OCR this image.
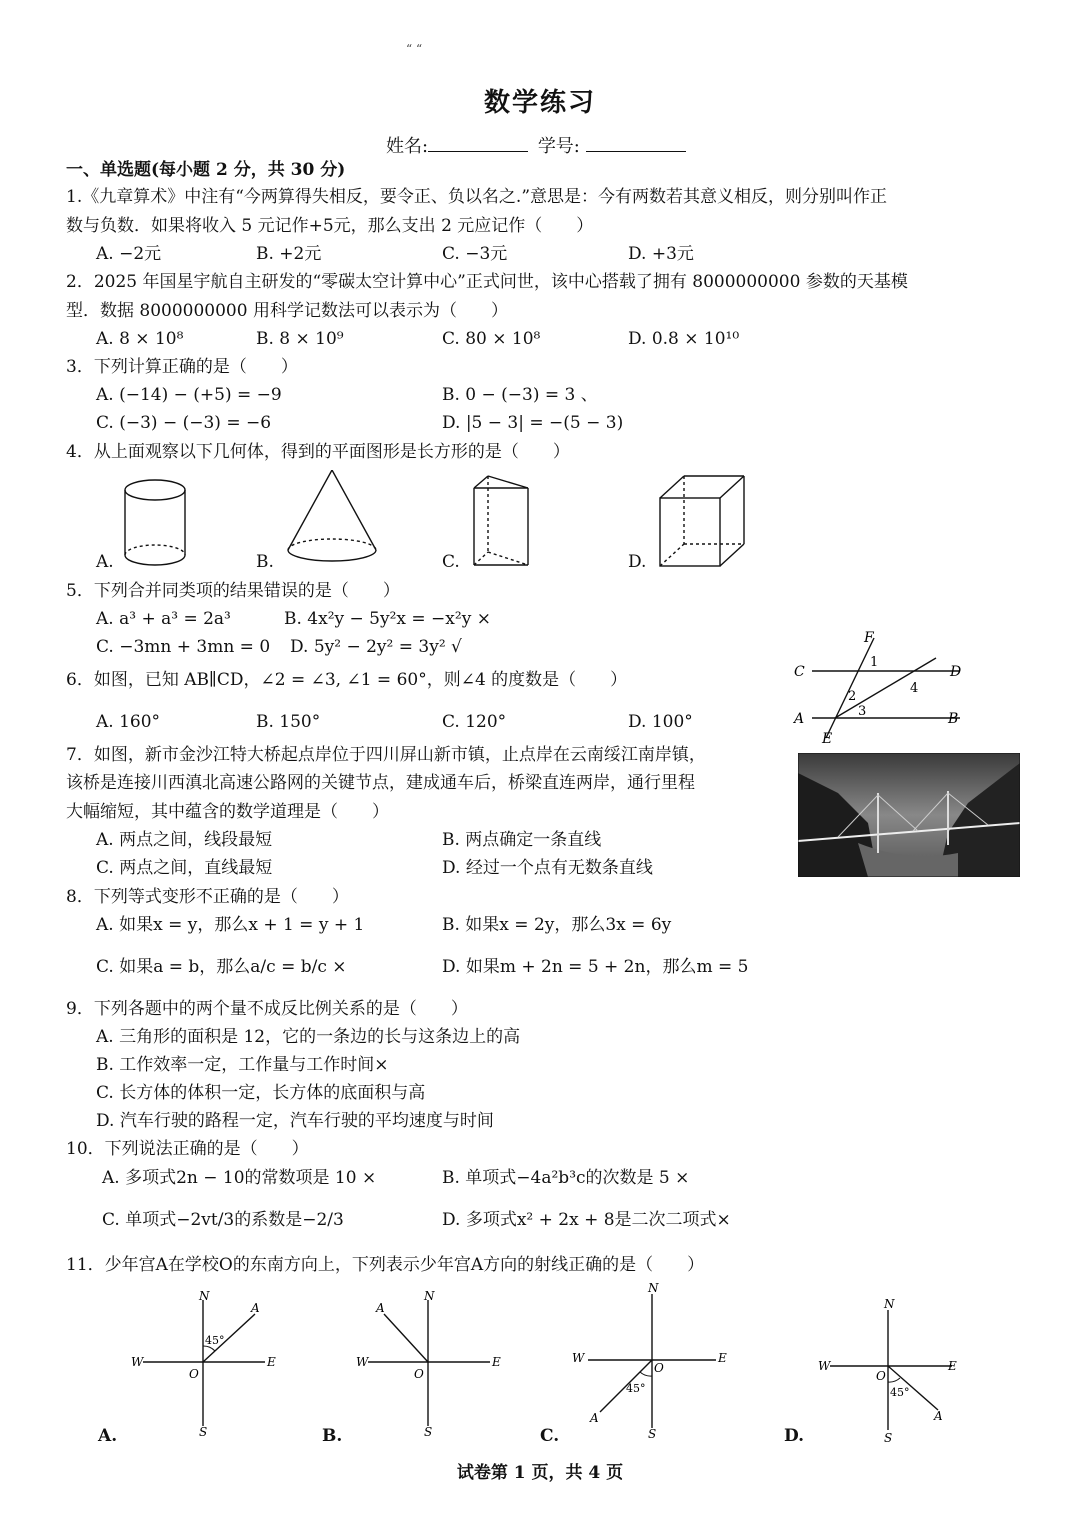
“ “
数学练习
姓名:	学号:
一、单选题(每小题 2 分，共 30 分)
1.《九章算术》中注有“今两算得失相反，要令正、负以名之.”意思是：今有两数若其意义相反，则分别叫作正
数与负数．如果将收入 5 元记作+5元，那么支出 2 元应记作（　　）
A. −2元	B. +2元	C. −3元	D. +3元
2．2025 年国星宇航自主研发的“零碳太空计算中心”正式问世，该中心搭载了拥有 8000000000 参数的天基模
型．数据 8000000000 用科学记数法可以表示为（　　）
A. 8 × 10⁸	B. 8 × 10⁹	C. 80 × 10⁸	D. 0.8 × 10¹⁰
3．下列计算正确的是（　　）
A. (−14) − (+5) = −9	B. 0 − (−3) = 3 、
C. (−3) − (−3) = −6	D. |5 − 3| = −(5 − 3)
4．从上面观察以下几何体，得到的平面图形是长方形的是（　　）
A.	B.	C.	D.
5．下列合并同类项的结果错误的是（　　）
A. a³ + a³ = 2a³	B. 4x²y − 5y²x = −x²y ×
C. −3mn + 3mn = 0 D. 5y² − 2y² = 3y² √
6．如图，已知 AB∥CD，∠2 = ∠3, ∠1 = 60°，则∠4 的度数是（　　）
A. 160°	B. 150°	C. 120°	D. 100°
F
C	D
A	B
E
1
2
3
4
7．如图，新市金沙江特大桥起点岸位于四川屏山新市镇，止点岸在云南绥江南岸镇，
该桥是连接川西滇北高速公路网的关键节点，建成通车后，桥梁直连两岸，通行里程
大幅缩短，其中蕴含的数学道理是（　　）
A. 两点之间，线段最短	B. 两点确定一条直线
C. 两点之间，直线最短	D. 经过一个点有无数条直线
8．下列等式变形不正确的是（　　）
A. 如果x = y，那么x + 1 = y + 1	B. 如果x = 2y，那么3x = 6y
C. 如果a = b，那么a/c = b/c ×	D. 如果m + 2n = 5 + 2n，那么m = 5
9．下列各题中的两个量不成反比例关系的是（　　）
A. 三角形的面积是 12，它的一条边的长与这条边上的高
B. 工作效率一定，工作量与工作时间×
C. 长方体的体积一定，长方体的底面积与高
D. 汽车行驶的路程一定，汽车行驶的平均速度与时间
10．下列说法正确的是（　　）
A. 多项式2n − 10的常数项是 10 ×	B. 单项式−4a²b³c的次数是 5 ×
C. 单项式−2vt/3的系数是−2/3	D. 多项式x² + 2x + 8是二次二项式×
11．少年宫A在学校O的东南方向上，下列表示少年宫A方向的射线正确的是（　　）
N
S
W	E
O
A
45°
N
S
W	E
O
A
N
S
W	E
O
A
45°
N
S
W	E
O
A
45°
A.	B.	C.	D.
试卷第 1 页，共 4 页
